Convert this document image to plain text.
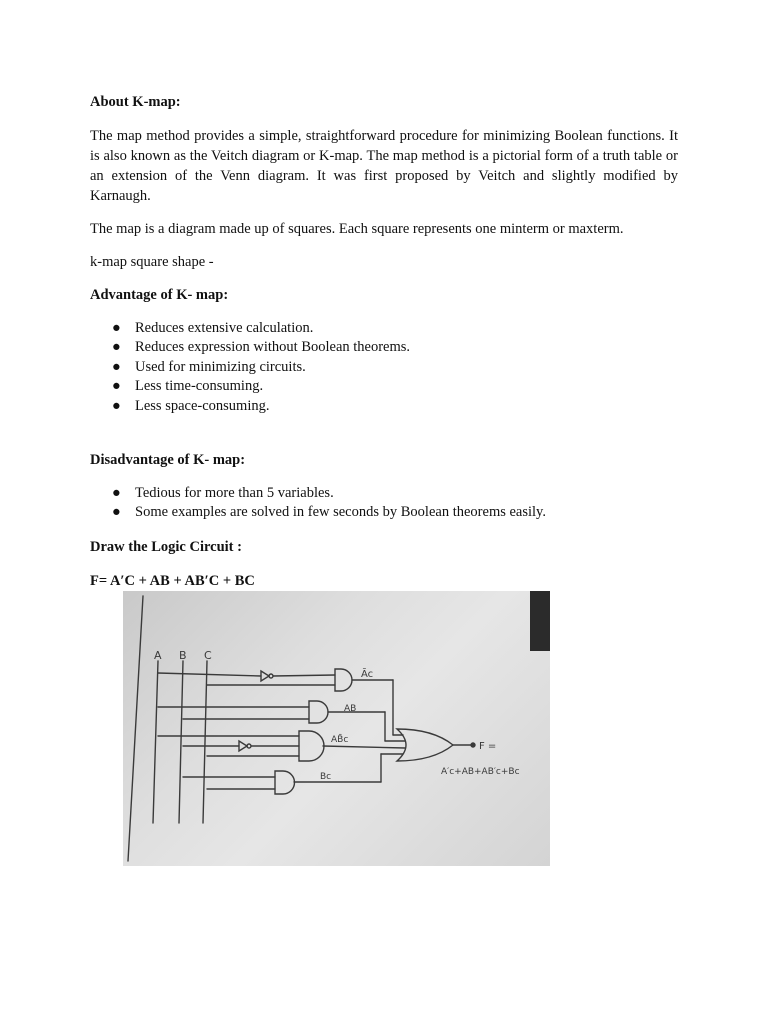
About K-map:

The map method provides a simple, straightforward procedure for minimizing Boolean functions. It is also known as the Veitch diagram or K-map. The map method is a pictorial form of a truth table or an extension of the Venn diagram. It was first proposed by Veitch and slightly modified by Karnaugh.

The map is a diagram made up of squares. Each square represents one minterm or maxterm.

k-map square shape -

Advantage of K- map:
● Reduces extensive calculation.
● Reduces expression without Boolean theorems.
● Used for minimizing circuits.
● Less time-consuming.
● Less space-consuming.
Disadvantage of K- map:
● Tedious for more than 5 variables.
● Some examples are solved in few seconds by Boolean theorems easily.
Draw the Logic Circuit :
F= A′C + AB + AB′C + BC
A B C
Āc
AB
AB̄c
Bc
F =
A′c+AB+AB′c+Bc
